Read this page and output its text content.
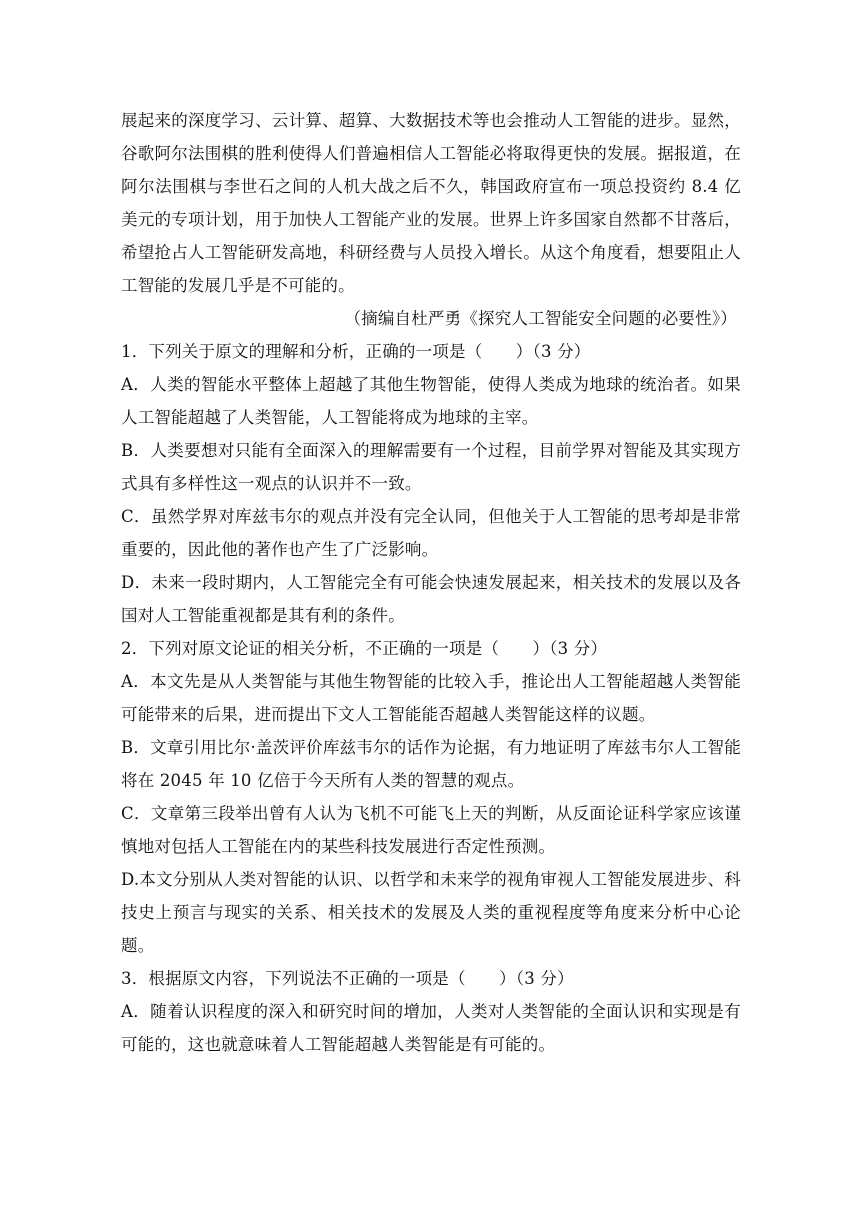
展起来的深度学习、云计算、超算、大数据技术等也会推动人工智能的进步。显然，谷歌阿尔法围棋的胜利使得人们普遍相信人工智能必将取得更快的发展。据报道，在阿尔法围棋与李世石之间的人机大战之后不久，韩国政府宣布一项总投资约 8.4 亿美元的专项计划，用于加快人工智能产业的发展。世界上许多国家自然都不甘落后，希望抢占人工智能研发高地，科研经费与人员投入增长。从这个角度看，想要阻止人工智能的发展几乎是不可能的。

（摘编自杜严勇《探究人工智能安全问题的必要性》）

1．下列关于原文的理解和分析，正确的一项是（　　）（3 分）

A．人类的智能水平整体上超越了其他生物智能，使得人类成为地球的统治者。如果人工智能超越了人类智能，人工智能将成为地球的主宰。

B．人类要想对只能有全面深入的理解需要有一个过程，目前学界对智能及其实现方式具有多样性这一观点的认识并不一致。

C．虽然学界对库兹韦尔的观点并没有完全认同，但他关于人工智能的思考却是非常重要的，因此他的著作也产生了广泛影响。

D．未来一段时期内，人工智能完全有可能会快速发展起来，相关技术的发展以及各国对人工智能重视都是其有利的条件。

2．下列对原文论证的相关分析，不正确的一项是（　　）（3 分）

A．本文先是从人类智能与其他生物智能的比较入手，推论出人工智能超越人类智能可能带来的后果，进而提出下文人工智能能否超越人类智能这样的议题。

B．文章引用比尔·盖茨评价库兹韦尔的话作为论据，有力地证明了库兹韦尔人工智能将在 2045 年 10 亿倍于今天所有人类的智慧的观点。

C．文章第三段举出曾有人认为飞机不可能飞上天的判断，从反面论证科学家应该谨慎地对包括人工智能在内的某些科技发展进行否定性预测。

D.本文分别从人类对智能的认识、以哲学和未来学的视角审视人工智能发展进步、科技史上预言与现实的关系、相关技术的发展及人类的重视程度等角度来分析中心论题。

3．根据原文内容，下列说法不正确的一项是（　　）（3 分）

A．随着认识程度的深入和研究时间的增加，人类对人类智能的全面认识和实现是有可能的，这也就意味着人工智能超越人类智能是有可能的。
